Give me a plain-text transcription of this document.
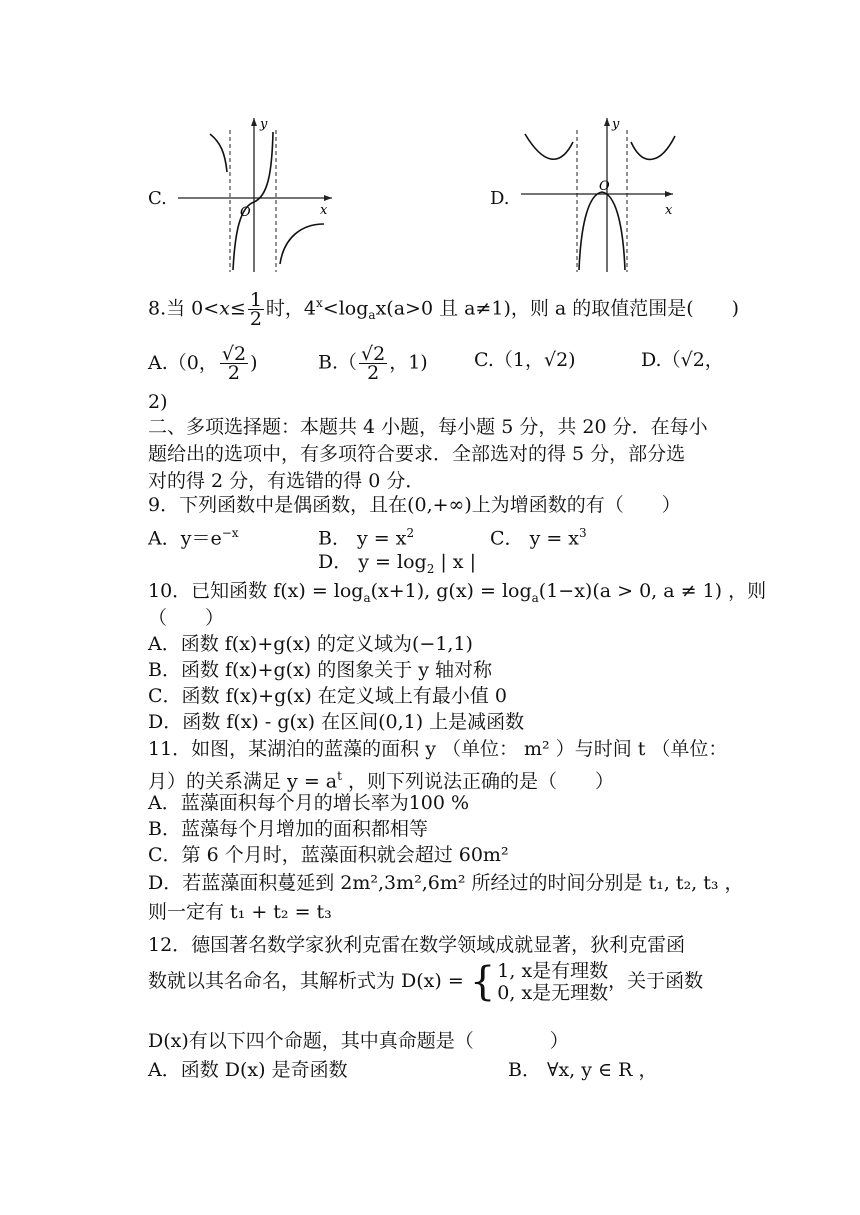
C.
y
x
O
D.
y
x
O
8.当 $0<x\le \frac{1}{2}$ 时，$4^x<\log_ax(a>0$ 且 a≠1)，则 a 的取值范围是(　　)
A.（0， $\frac{√2}{2}$ )	$B.( \frac{√2}{2}$ ，1) C.（1，√2)	D.（√2，
2)
二、多项选择题：本题共 4 小题，每小题 5 分，共 20 分．在每小
题给出的选项中，有多项符合要求．全部选对的得 5 分，部分选
对的得 2 分，有选错的得 0 分．
9．下列函数中是偶函数，且在(0,+∞)上为增函数的有（　　）
A．$y=e^{-x}$	B． $y = x^2$	C． $y = x^3$
D． $y = \log_2$ | x |
10．已知函数 $f(x) = \log_a(x+1)$, $g(x) = \log_a(1-x)(a > 0$, a ≠ 1) ，则
（　　）
A．函数 f(x)+g(x) 的定义域为(−1,1)
B．函数 f(x)+g(x) 的图象关于 y 轴对称
C．函数 f(x)+g(x) 在定义域上有最小值 0
D．函数 f(x) - g(x) 在区间(0,1) 上是减函数
11．如图，某湖泊的蓝藻的面积 y （单位： m² ）与时间 t （单位：
月）的关系满足 $y = a^t$ ，则下列说法正确的是（　　）
A．蓝藻面积每个月的增长率为100 %
B．蓝藻每个月增加的面积都相等
C．第 6 个月时，蓝藻面积就会超过 60m²
D．若蓝藻面积蔓延到 2m²,3m²,6m² 所经过的时间分别是 t₁, t₂, t₃ ，
则一定有 t₁ + t₂ = t₃
12．德国著名数学家狄利克雷在数学领域成就显著，狄利克雷函
数就以其名命名，其解析式为 D(x) = { 1, x是有理数
0, x是无理数
，关于函数
D(x)有以下四个命题，其中真命题是（　　　　）
A．函数 D(x) 是奇函数	B． ∀x, y ∈ R ，
